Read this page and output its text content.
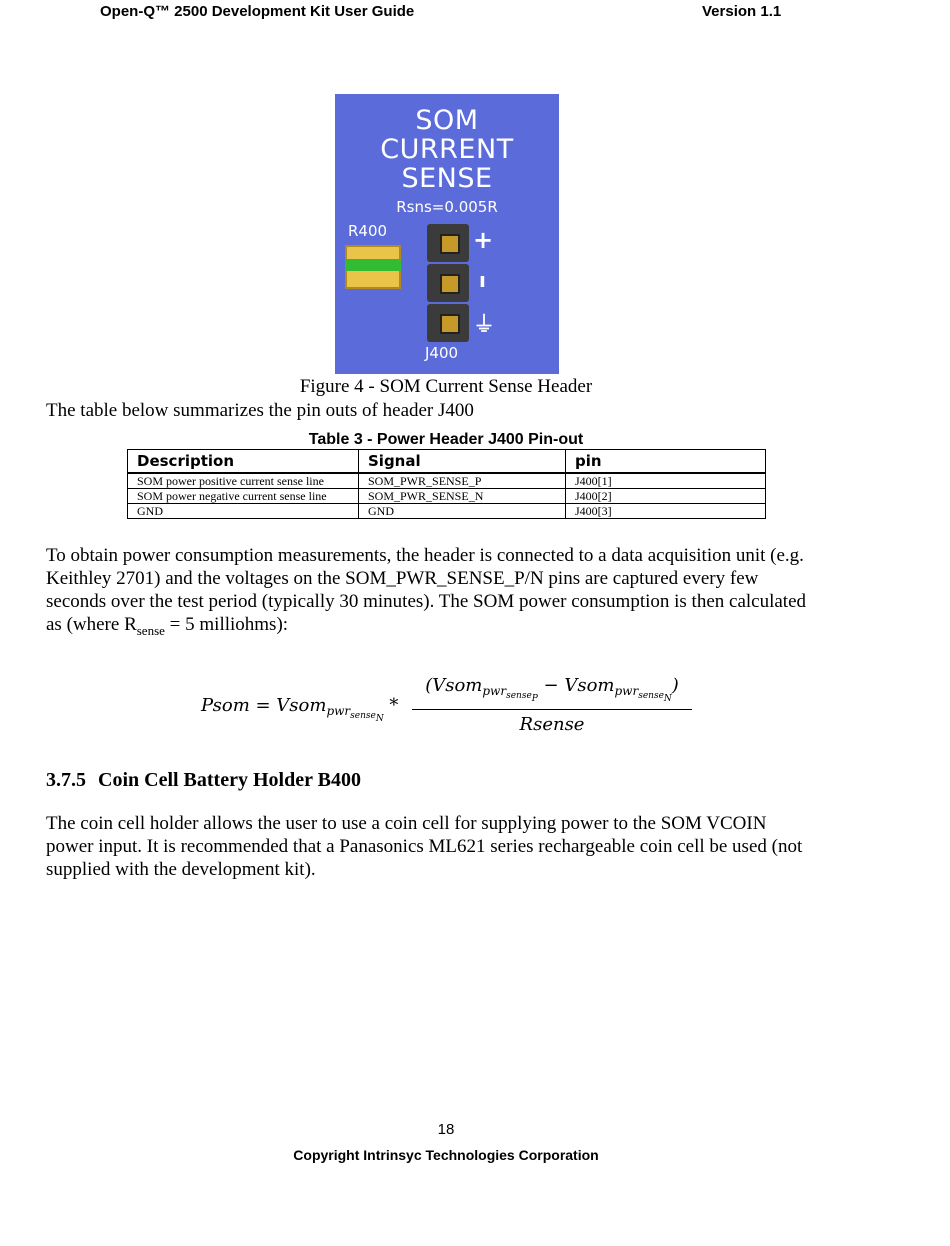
Open-Q™ 2500 Development Kit User Guide	Version 1.1
SOM
CURRENT
SENSE
Rsns=0.005R
R400	+
ı
⏚
J400
Figure 4 - SOM Current Sense Header
The table below summarizes the pin outs of header J400
Table 3 - Power Header J400 Pin-out
Description	Signal	pin
SOM power positive current sense line	SOM_PWR_SENSE_P	J400[1]
SOM power negative current sense line	SOM_PWR_SENSE_N	J400[2]
GND	GND	J400[3]
To obtain power consumption measurements, the header is connected to a data acquisition unit (e.g.
Keithley 2701) and the voltages on the SOM_PWR_SENSE_P/N pins are captured every few
seconds over the test period (typically 30 minutes). The SOM power consumption is then calculated
as (where $R_{sense} = 5$ milliohms):
Psom = Vsom$_{pwr_{sense_N}}$ *
(Vsom$_{pwr_{sense_P}}$ − Vsom$_{pwr_{sense_N}}$)
Rsense
3.7.5 Coin Cell Battery Holder B400
The coin cell holder allows the user to use a coin cell for supplying power to the SOM VCOIN
power input. It is recommended that a Panasonics ML621 series rechargeable coin cell be used (not
supplied with the development kit).
18
Copyright Intrinsyc Technologies Corporation
